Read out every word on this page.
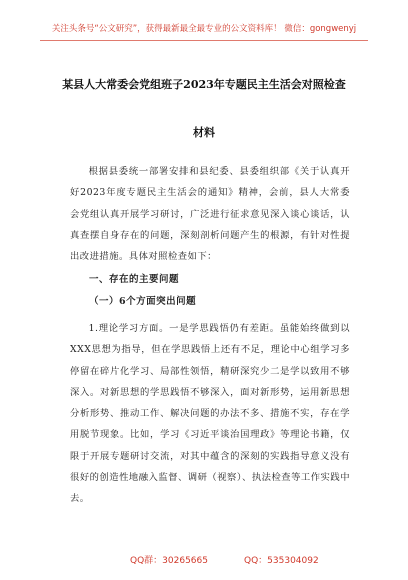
关注头条号“公文研究”，获得最新最全最专业的公文资料库！ 微信：gongwenyj
某县人大常委会党组班子2023年专题民主生活会对照检查
材料
根据县委统一部署安排和县纪委、县委组织部《关于认真开好2023年度专题民主生活会的通知》精神，会前，县人大常委会党组认真开展学习研讨，广泛进行征求意见深入谈心谈话，认真查摆自身存在的问题，深刻剖析问题产生的根源，有针对性提出改进措施。具体对照检查如下：
一、存在的主要问题
（一）6个方面突出问题
1.理论学习方面。一是学思践悟仍有差距。虽能始终做到以XXX思想为指导，但在学思践悟上还有不足，理论中心组学习多停留在碎片化学习、局部性领悟，精研深究少二是学以致用不够深入。对新思想的学思践悟不够深入，面对新形势，运用新思想分析形势、推动工作、解决问题的办法不多、措施不实，存在学用脱节现象。比如，学习《习近平谈治国理政》等理论书籍，仅限于开展专题研讨交流，对其中蕴含的深刻的实践指导意义没有很好的创造性地融入监督、调研（视察）、执法检查等工作实践中去。
QQ群：30265665	QQ：535304092
